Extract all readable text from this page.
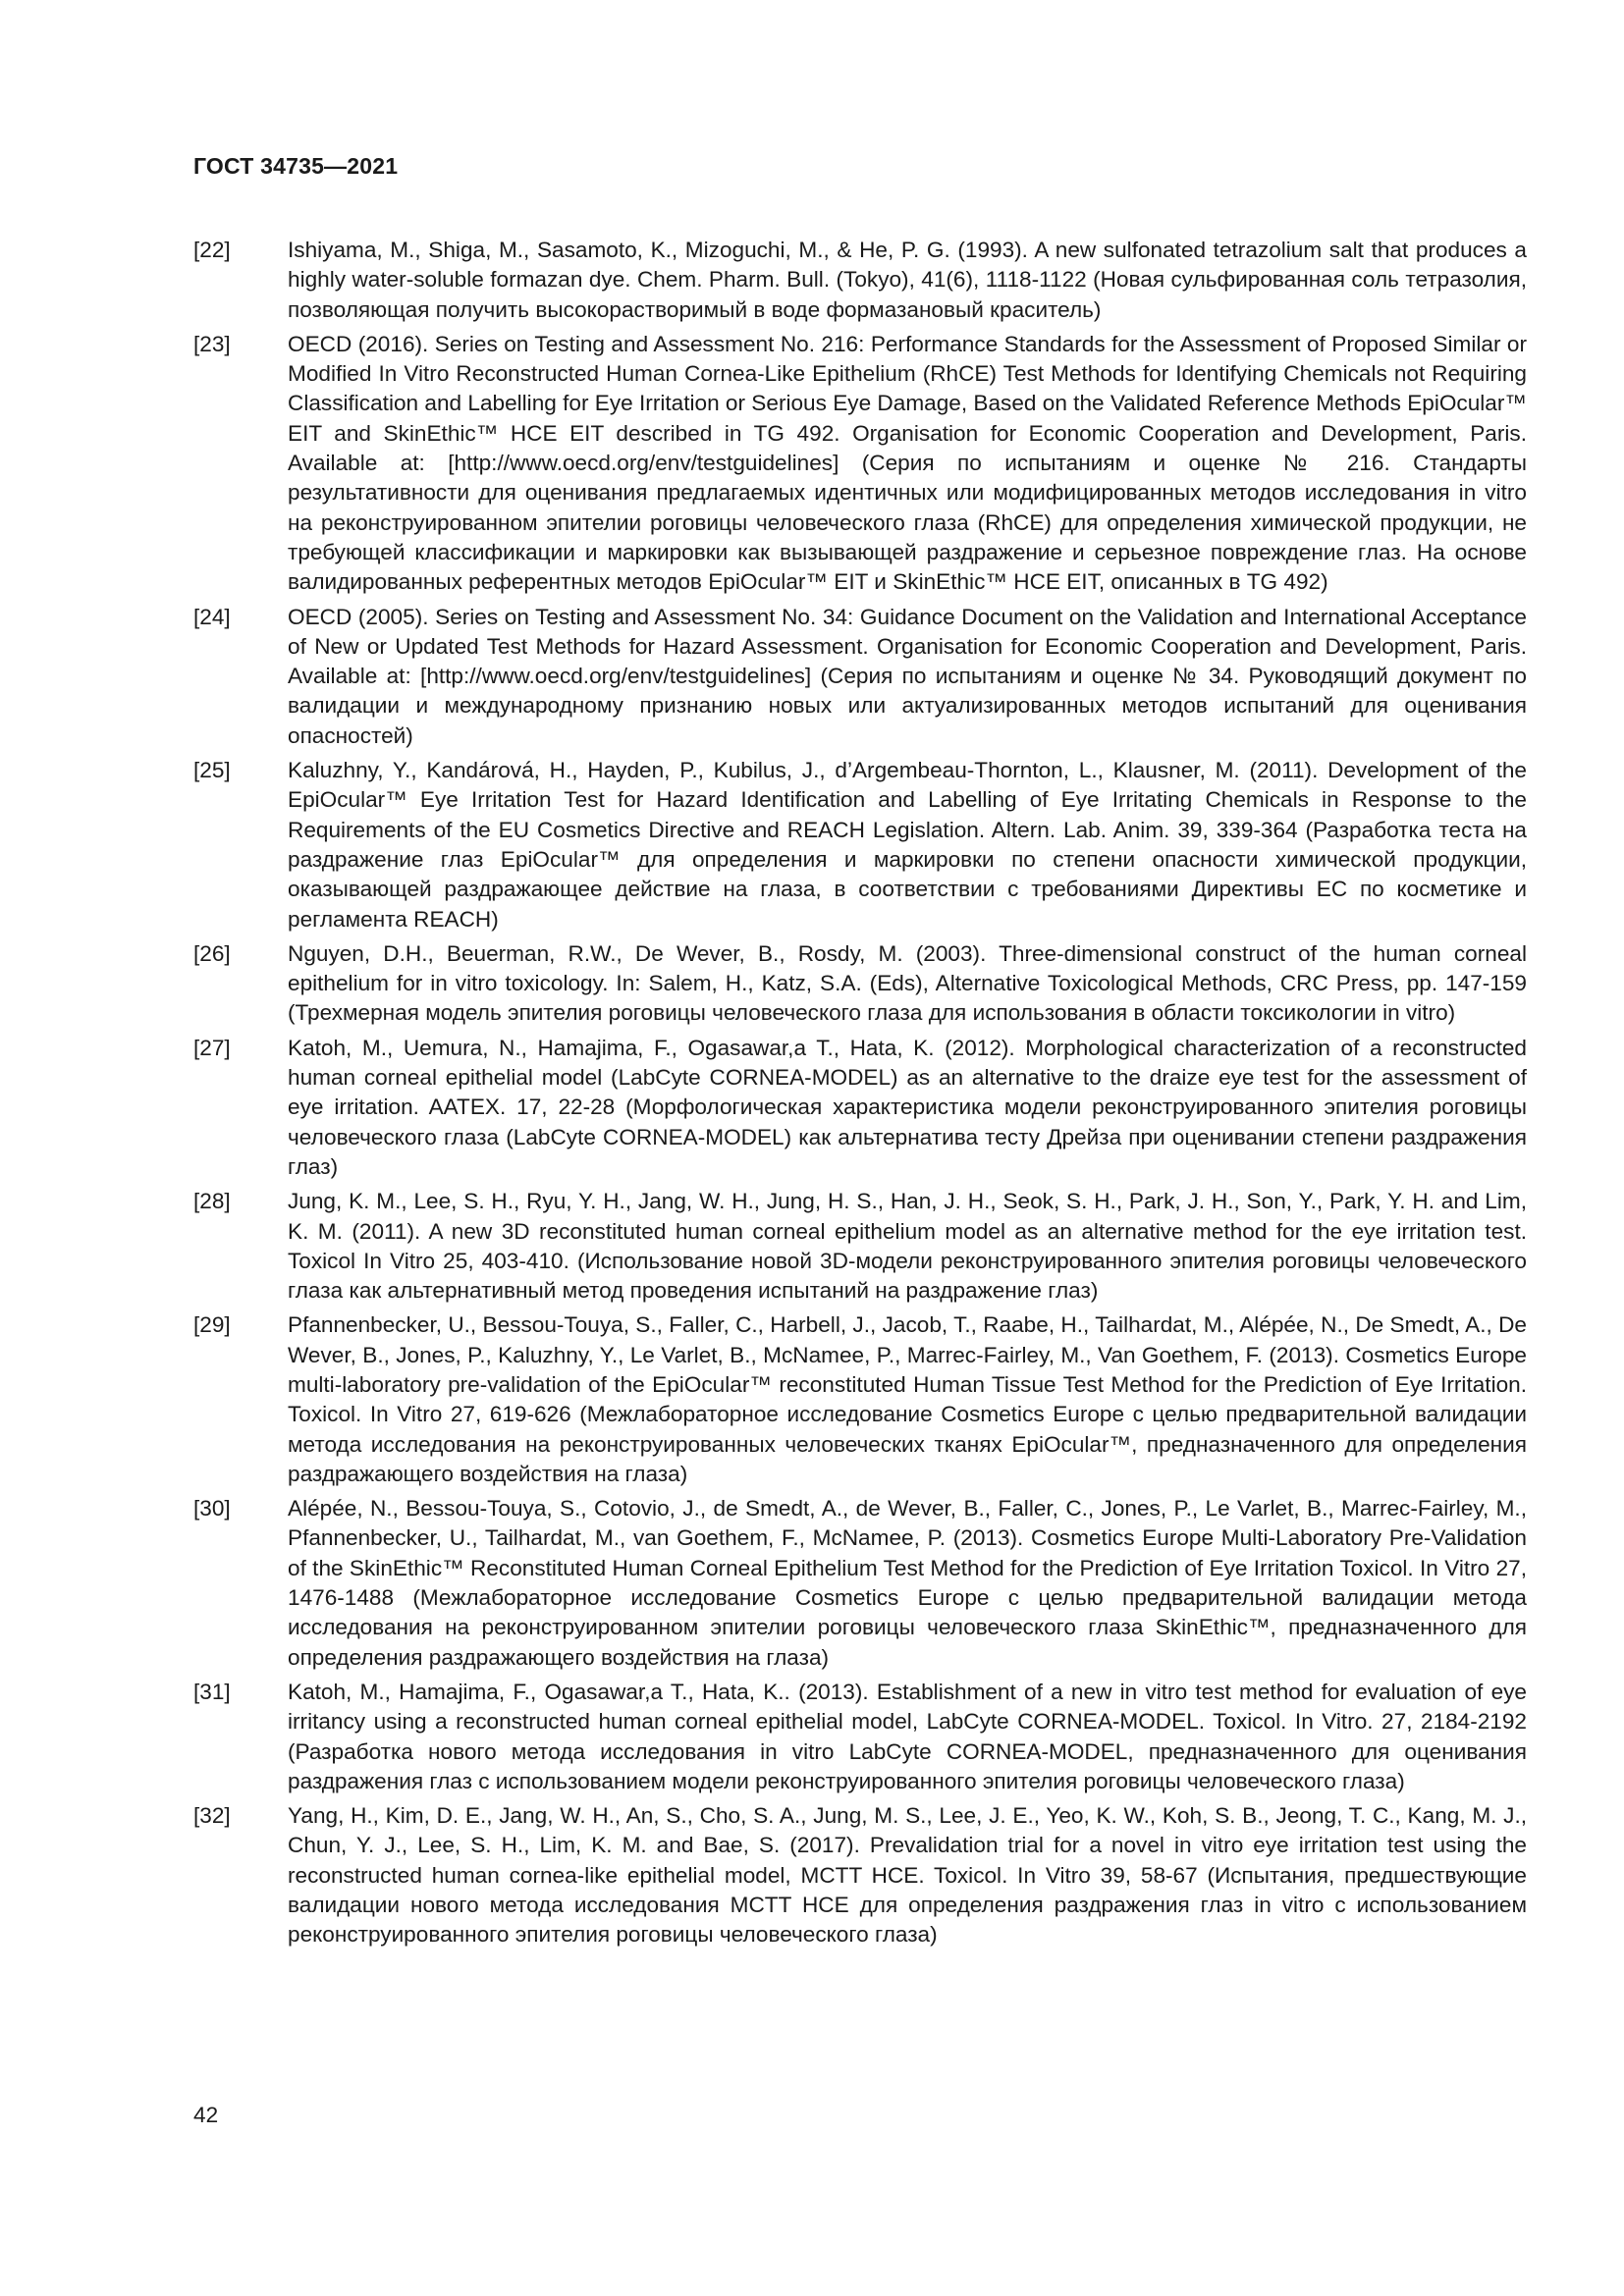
ГОСТ 34735—2021
[22]	Ishiyama, M., Shiga, M., Sasamoto, K., Mizoguchi, M., & He, P. G. (1993). A new sulfonated tetrazolium salt that produces a highly water-soluble formazan dye. Chem. Pharm. Bull. (Tokyo), 41(6), 1118-1122 (Новая сульфированная соль тетразолия, позволяющая получить высокорастворимый в воде формазановый краситель)
[23]	OECD (2016). Series on Testing and Assessment No. 216: Performance Standards for the Assessment of Proposed Similar or Modified In Vitro Reconstructed Human Cornea-Like Epithelium (RhCE) Test Methods for Identifying Chemicals not Requiring Classification and Labelling for Eye Irritation or Serious Eye Damage, Based on the Validated Reference Methods EpiOcular™ EIT and SkinEthic™ HCE EIT described in TG 492. Organisation for Economic Cooperation and Development, Paris. Available at: [http://www.oecd.org/env/testguidelines] (Серия по испытаниям и оценке № 216. Стандарты результативности для оценивания предлагаемых идентичных или модифицированных методов исследования in vitro на реконструированном эпителии роговицы человеческого глаза (RhCE) для определения химической продукции, не требующей классификации и маркировки как вызывающей раздражение и серьезное повреждение глаз. На основе валидированных референтных методов EpiOcular™ EIT и SkinEthic™ HCE EIT, описанных в TG 492)
[24]	OECD (2005). Series on Testing and Assessment No. 34: Guidance Document on the Validation and International Acceptance of New or Updated Test Methods for Hazard Assessment. Organisation for Economic Cooperation and Development, Paris. Available at: [http://www.oecd.org/env/testguidelines] (Серия по испытаниям и оценке № 34. Руководящий документ по валидации и международному признанию новых или актуализированных методов испытаний для оценивания опасностей)
[25]	Kaluzhny, Y., Kandárová, H., Hayden, P., Kubilus, J., d’Argembeau-Thornton, L., Klausner, M. (2011). Development of the EpiOcular™ Eye Irritation Test for Hazard Identification and Labelling of Eye Irritating Chemicals in Response to the Requirements of the EU Cosmetics Directive and REACH Legislation. Altern. Lab. Anim. 39, 339-364 (Разработка теста на раздражение глаз EpiOcular™ для определения и маркировки по степени опасности химической продукции, оказывающей раздражающее действие на глаза, в соответствии с требованиями Директивы ЕС по косметике и регламента REACH)
[26]	Nguyen, D.H., Beuerman, R.W., De Wever, B., Rosdy, M. (2003). Three-dimensional construct of the human corneal epithelium for in vitro toxicology. In: Salem, H., Katz, S.A. (Eds), Alternative Toxicological Methods, CRC Press, pp. 147-159 (Трехмерная модель эпителия роговицы человеческого глаза для использования в области токсикологии in vitro)
[27]	Katoh, M., Uemura, N., Hamajima, F., Ogasawar,a T., Hata, K. (2012). Morphological characterization of a reconstructed human corneal epithelial model (LabCyte CORNEA-MODEL) as an alternative to the draize eye test for the assessment of eye irritation. AATEX. 17, 22-28 (Морфологическая характеристика модели реконструированного эпителия роговицы человеческого глаза (LabCyte CORNEA-MODEL) как альтернатива тесту Дрейза при оценивании степени раздражения глаз)
[28]	Jung, K. M., Lee, S. H., Ryu, Y. H., Jang, W. H., Jung, H. S., Han, J. H., Seok, S. H., Park, J. H., Son, Y., Park, Y. H. and Lim, K. M. (2011). A new 3D reconstituted human corneal epithelium model as an alternative method for the eye irritation test. Toxicol In Vitro 25, 403-410. (Использование новой 3D-модели реконструированного эпителия роговицы человеческого глаза как альтернативный метод проведения испытаний на раздражение глаз)
[29]	Pfannenbecker, U., Bessou-Touya, S., Faller, C., Harbell, J., Jacob, T., Raabe, H., Tailhardat, M., Alépée, N., De Smedt, A., De Wever, B., Jones, P., Kaluzhny, Y., Le Varlet, B., McNamee, P., Marrec-Fairley, M., Van Goethem, F. (2013). Cosmetics Europe multi-laboratory pre-validation of the EpiOcular™ reconstituted Human Tissue Test Method for the Prediction of Eye Irritation. Toxicol. In Vitro 27, 619-626 (Межлабораторное исследование Cosmetics Europe с целью предварительной валидации метода исследования на реконструированных человеческих тканях EpiOcular™, предназначенного для определения раздражающего воздействия на глаза)
[30]	Alépée, N., Bessou-Touya, S., Cotovio, J., de Smedt, A., de Wever, B., Faller, C., Jones, P., Le Varlet, B., Marrec-Fairley, M., Pfannenbecker, U., Tailhardat, M., van Goethem, F., McNamee, P. (2013). Cosmetics Europe Multi-Laboratory Pre-Validation of the SkinEthic™ Reconstituted Human Corneal Epithelium Test Method for the Prediction of Eye Irritation Toxicol. In Vitro 27, 1476-1488 (Межлабораторное исследование Cosmetics Europe с целью предварительной валидации метода исследования на реконструированном эпителии роговицы человеческого глаза SkinEthic™, предназначенного для определения раздражающего воздействия на глаза)
[31]	Katoh, M., Hamajima, F., Ogasawar,a T., Hata, K.. (2013). Establishment of a new in vitro test method for evaluation of eye irritancy using a reconstructed human corneal epithelial model, LabCyte CORNEA-MODEL. Toxicol. In Vitro. 27, 2184-2192 (Разработка нового метода исследования in vitro LabCyte CORNEA-MODEL, предназначенного для оценивания раздражения глаз с использованием модели реконструированного эпителия роговицы человеческого глаза)
[32]	Yang, H., Kim, D. E., Jang, W. H., An, S., Cho, S. A., Jung, M. S., Lee, J. E., Yeo, K. W., Koh, S. B., Jeong, T. C., Kang, M. J., Chun, Y. J., Lee, S. H., Lim, K. M. and Bae, S. (2017). Prevalidation trial for a novel in vitro eye irritation test using the reconstructed human cornea-like epithelial model, MCTT HCE. Toxicol. In Vitro 39, 58-67 (Испытания, предшествующие валидации нового метода исследования MCTT HCE для определения раздражения глаз in vitro с использованием реконструированного эпителия роговицы человеческого глаза)
42
